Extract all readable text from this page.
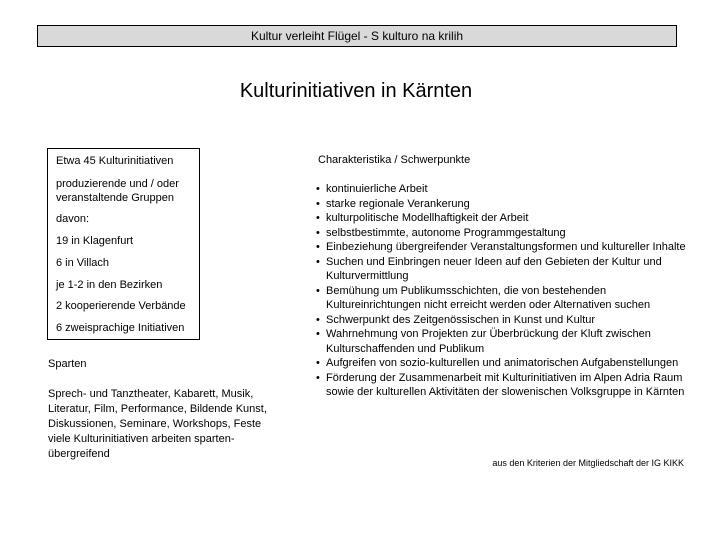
Kultur verleiht Flügel - S kulturo na krilih
Kulturinitiativen in Kärnten
Etwa 45 Kulturinitiativen
produzierende und / oder
veranstaltende Gruppen
davon:
19 in Klagenfurt
6 in Villach
je 1-2 in den Bezirken
2 kooperierende Verbände
6 zweisprachige Initiativen
Sparten
Sprech- und Tanztheater, Kabarett, Musik,
Literatur, Film, Performance, Bildende Kunst,
Diskussionen, Seminare, Workshops, Feste
viele Kulturinitiativen arbeiten sparten-
übergreifend
Charakteristika / Schwerpunkte
• kontinuierliche Arbeit
• starke regionale Verankerung
• kulturpolitische Modellhaftigkeit der Arbeit
• selbstbestimmte, autonome Programmgestaltung
• Einbeziehung übergreifender Veranstaltungsformen und kultureller Inhalte
• Suchen und Einbringen neuer Ideen auf den Gebieten der Kultur und Kulturvermittlung
• Bemühung um Publikumsschichten, die von bestehenden Kultureinrichtungen nicht erreicht werden oder Alternativen suchen
• Schwerpunkt des Zeitgenössischen in Kunst und Kultur
• Wahrnehmung von Projekten zur Überbrückung der Kluft zwischen Kulturschaffenden und Publikum
• Aufgreifen von sozio-kulturellen und animatorischen Aufgabenstellungen
• Förderung der Zusammenarbeit mit Kulturinitiativen im Alpen Adria Raum sowie der kulturellen Aktivitäten der slowenischen Volksgruppe in Kärnten
aus den Kriterien der Mitgliedschaft der IG KIKK
